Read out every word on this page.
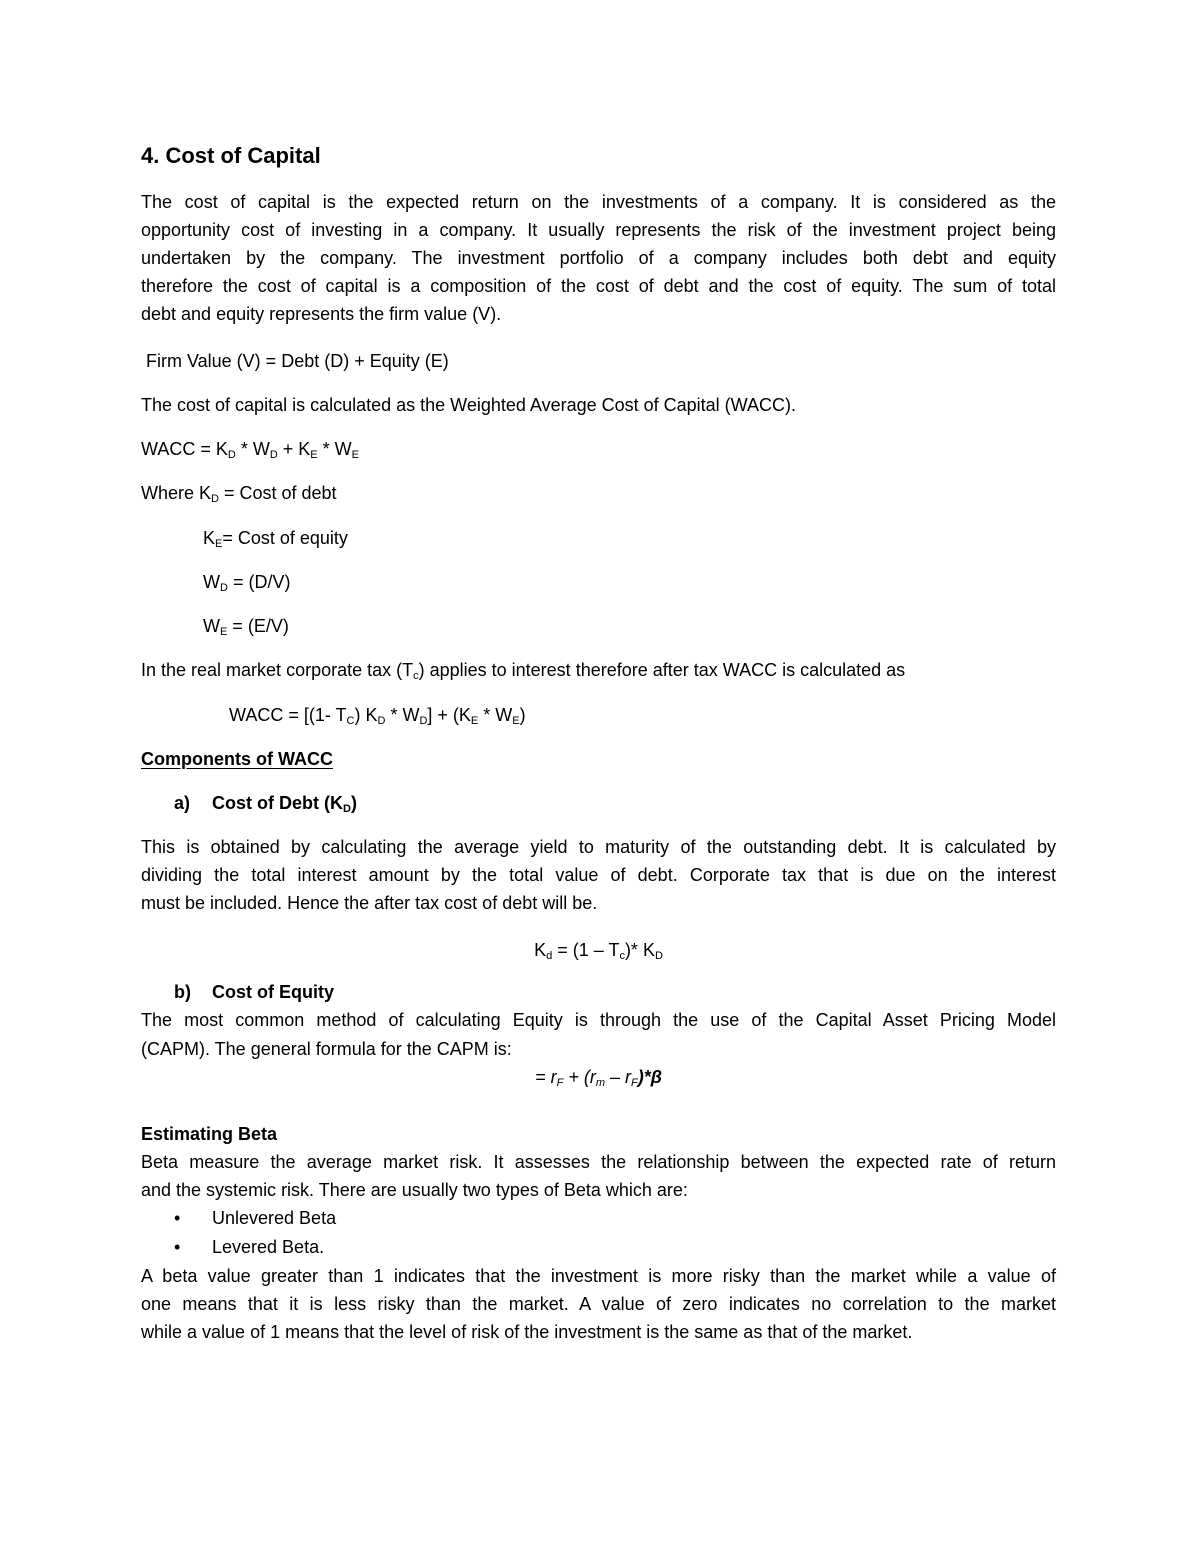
4. Cost of Capital
The cost of capital is the expected return on the investments of a company. It is considered as the
opportunity cost of investing in a company. It usually represents the risk of the investment project being
undertaken by the company. The investment portfolio of a company includes both debt and equity
therefore the cost of capital is a composition of the cost of debt and the cost of equity. The sum of total
debt and equity represents the firm value (V).
Firm Value (V) = Debt (D) + Equity (E)
The cost of capital is calculated as the Weighted Average Cost of Capital (WACC).
WACC = $K_D * W_D + K_E * W_E$
Where $K_D$ = Cost of debt
$K_E=$ Cost of equity
$W_D = (D/V)$
$W_E = (E/V)$
In the real market corporate tax $(T_c)$ applies to interest therefore after tax WACC is calculated as
WACC = [(1- $T_C$) $K_D * W_D] + (K_E * W_E)$
Components of WACC
a) Cost of Debt $(K_D)$
This is obtained by calculating the average yield to maturity of the outstanding debt. It is calculated by
dividing the total interest amount by the total value of debt. Corporate tax that is due on the interest
must be included. Hence the after tax cost of debt will be.
$K_d = (1 - T_c)*$ $K_D$
b) Cost of Equity
The most common method of calculating Equity is through the use of the Capital Asset Pricing Model
(CAPM). The general formula for the CAPM is:
= $r_F + (r_m - r_F)*\beta$
Estimating Beta
Beta measure the average market risk. It assesses the relationship between the expected rate of return
and the systemic risk. There are usually two types of Beta which are:
• Unlevered Beta
• Levered Beta.
A beta value greater than 1 indicates that the investment is more risky than the market while a value of
one means that it is less risky than the market. A value of zero indicates no correlation to the market
while a value of 1 means that the level of risk of the investment is the same as that of the market.
